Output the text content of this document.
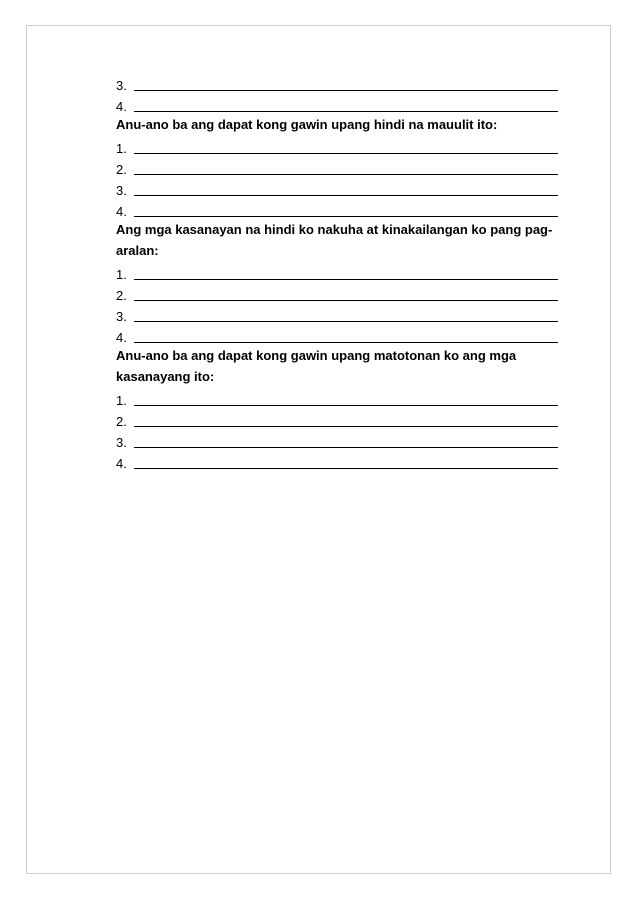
3.
4.
Anu-ano ba ang dapat kong gawin upang hindi na mauulit ito:
1.
2.
3.
4.
Ang mga kasanayan na hindi ko nakuha at kinakailangan ko pang pag-
aralan:
1.
2.
3.
4.
Anu-ano ba ang dapat kong gawin upang matotonan ko ang mga
kasanayang ito:
1.
2.
3.
4.
